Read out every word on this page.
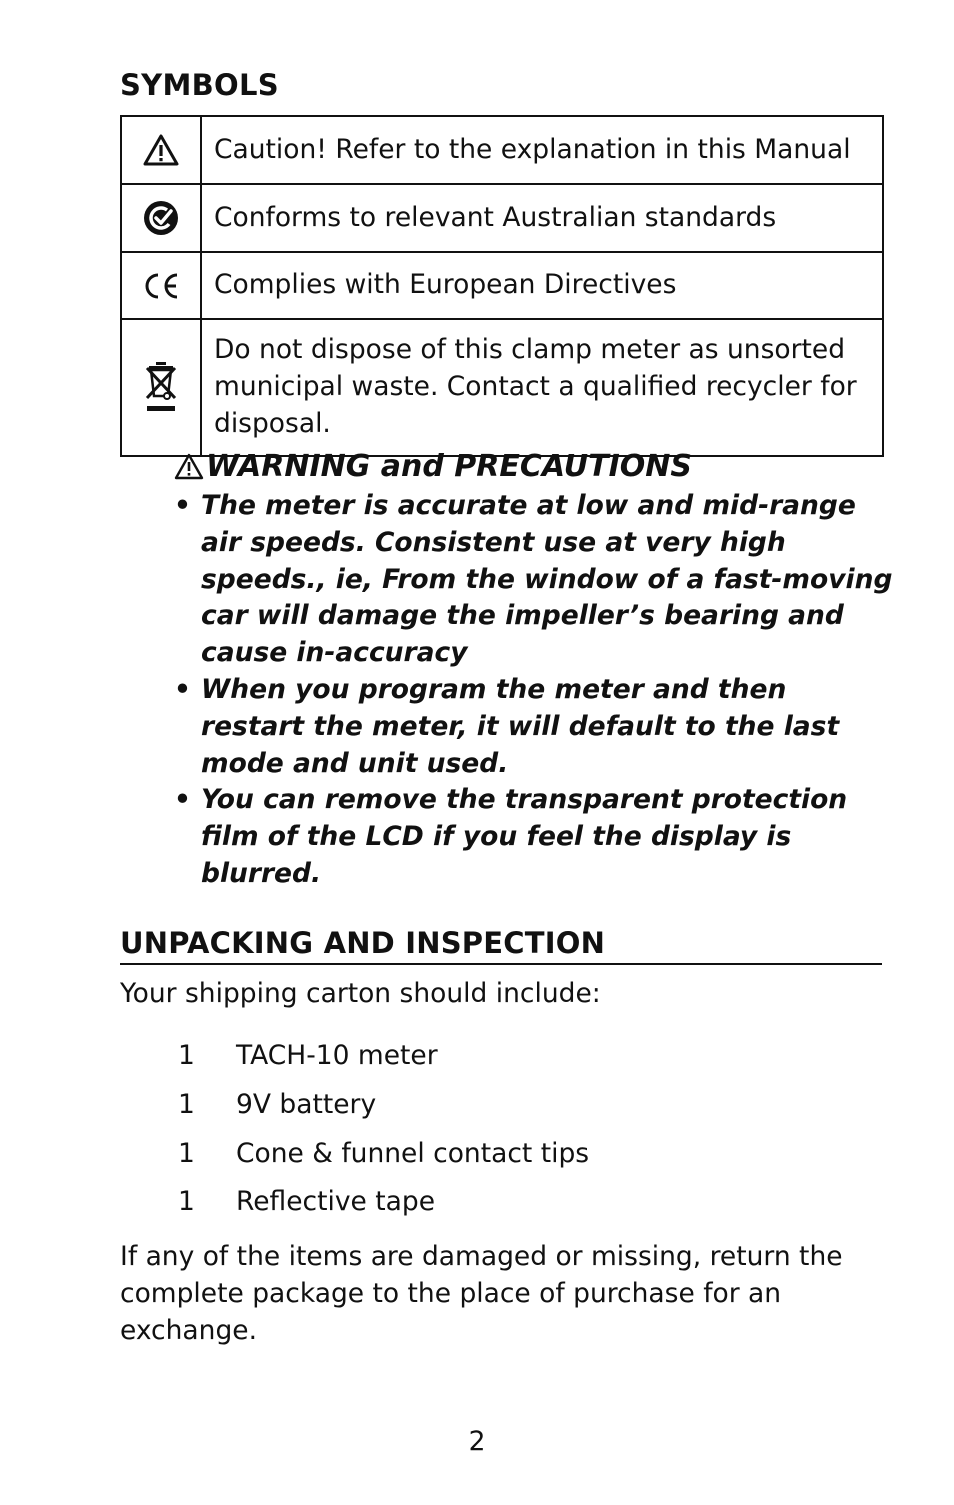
SYMBOLS
	Caution! Refer to the explanation in this Manual

	Conforms to relevant Australian standards

	Complies with European Directives

	Do not dispose of this clamp meter as unsorted municipal waste. Contact a qualified recycler for disposal.
WARNING and PRECAUTIONS
• The meter is accurate at low and mid-range air speeds. Consistent use at very high speeds., ie, From the window of a fast-moving car will damage the impeller’s bearing and cause in-accuracy
• When you program the meter and then restart the meter, it will default to the last mode and unit used.
• You can remove the transparent protection film of the LCD if you feel the display is blurred.
UNPACKING AND INSPECTION

Your shipping carton should include:

1	TACH-10 meter
1	9V battery
1	Cone & funnel contact tips
1	Reflective tape

If any of the items are damaged or missing, return the complete package to the place of purchase for an exchange.

2
